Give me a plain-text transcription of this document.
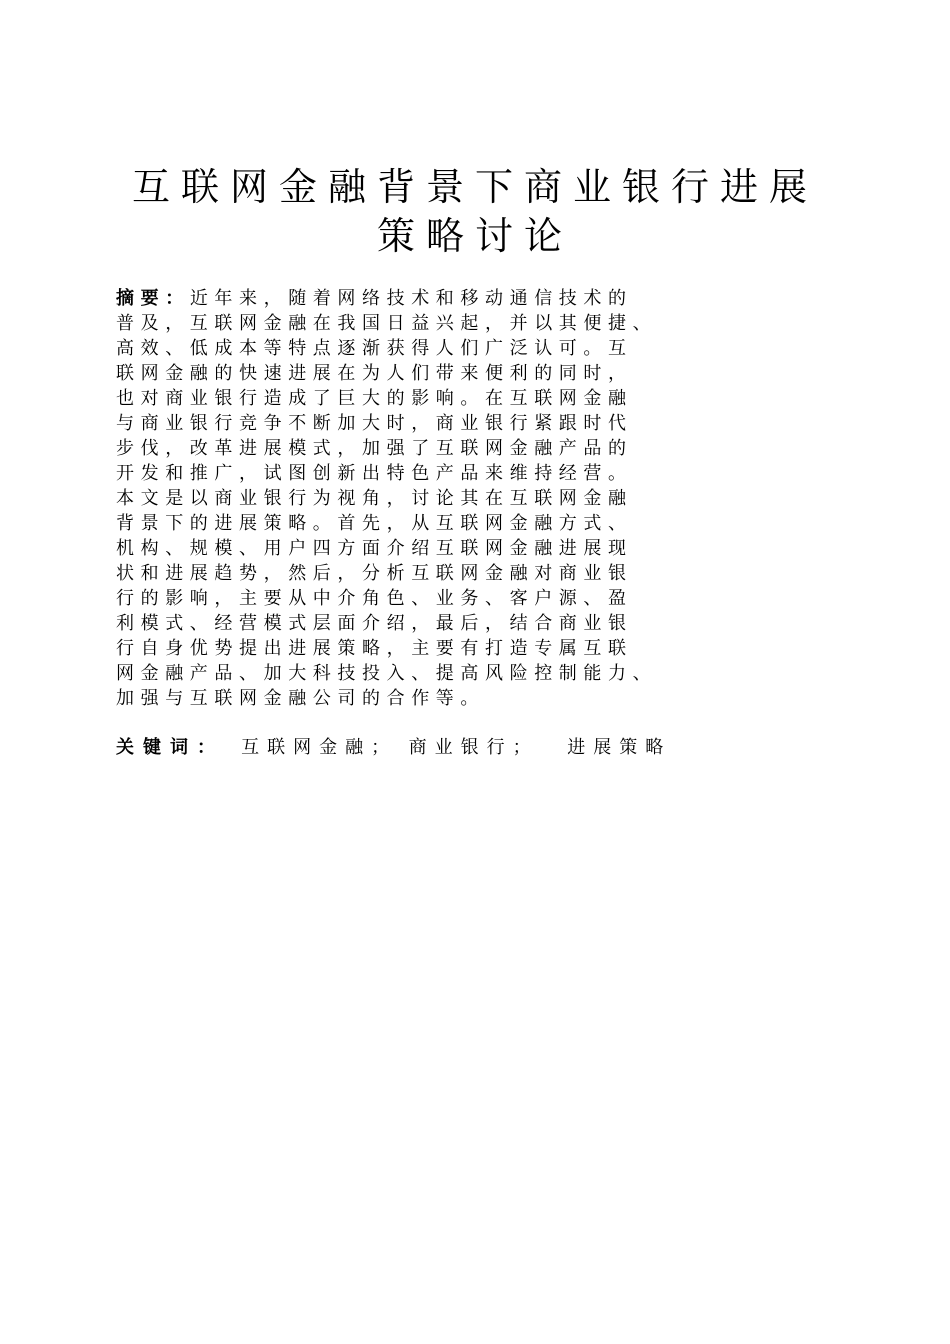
互联网金融背景下商业银行进展
策略讨论
摘要：近年来，随着网络技术和移动通信技术的
普及，互联网金融在我国日益兴起，并以其便捷、
高效、低成本等特点逐渐获得人们广泛认可。互
联网金融的快速进展在为人们带来便利的同时，
也对商业银行造成了巨大的影响。在互联网金融
与商业银行竞争不断加大时，商业银行紧跟时代
步伐，改革进展模式，加强了互联网金融产品的
开发和推广，试图创新出特色产品来维持经营。
本文是以商业银行为视角，讨论其在互联网金融
背景下的进展策略。首先，从互联网金融方式、
机构、规模、用户四方面介绍互联网金融进展现
状和进展趋势，然后，分析互联网金融对商业银
行的影响，主要从中介角色、业务、客户源、盈
利模式、经营模式层面介绍，最后，结合商业银
行自身优势提出进展策略，主要有打造专属互联
网金融产品、加大科技投入、提高风险控制能力、
加强与互联网金融公司的合作等。
关键词： 互联网金融； 商业银行； 进展策略
